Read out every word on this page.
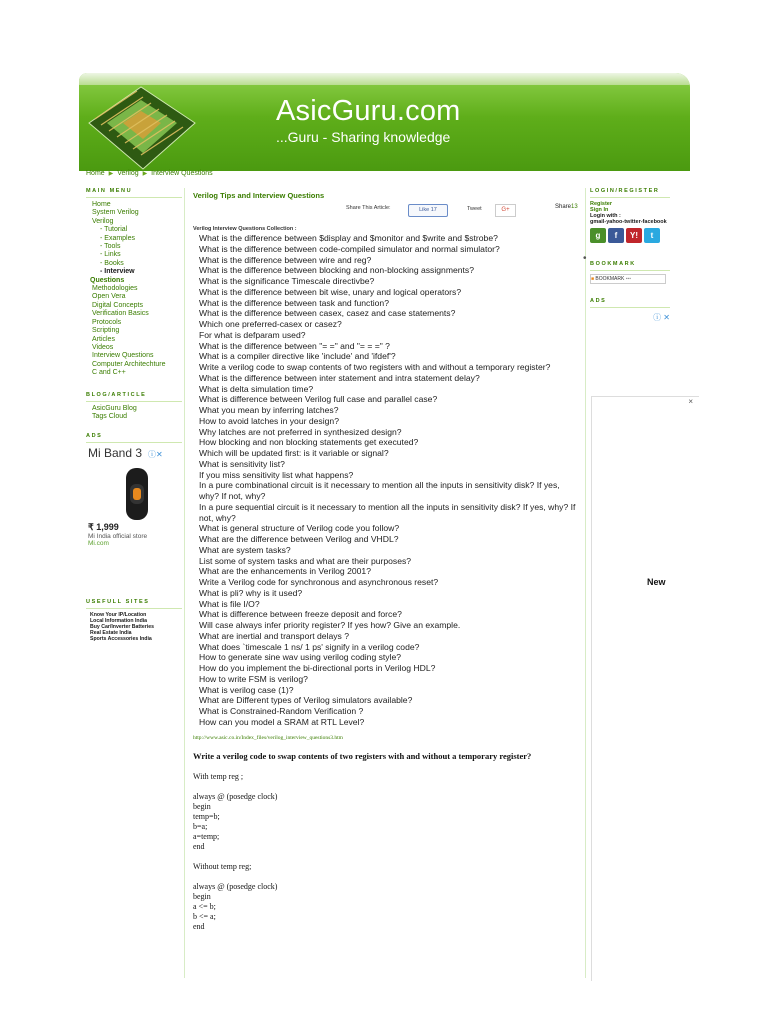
AsicGuru.com
...Guru - Sharing knowledge
Home ▶ Verilog ▶ Interview Questions
MAIN MENU
Home
System Verilog
Verilog
- Tutorial
- Examples
- Tools
- Links
- Books
- Interview
Questions
Methodologies
Open Vera
Digital Concepts
Verification Basics
Protocols
Scripting
Articles
Videos
Interview Questions
Computer Architechture
C and C++
BLOG/ARTICLE
AsicGuru Blog
Tags Cloud
ADS
Mi Band 3 ⓘ✕
₹ 1,999
Mi India official store
Mi.com
USEFULL SITES
Know Your IP/Location
Local Information India
Buy Car/Inverter Batteries
Real Estate India
Sports Accessories India
Verilog Tips and Interview Questions
Share This Article:	Like 17	Tweet	G+	Share13
Verilog Interview Questions Collection :
What is the difference between $display and $monitor and $write and $strobe?
What is the difference between code-compiled simulator and normal simulator?
What is the difference between wire and reg?
What is the difference between blocking and non-blocking assignments?
What is the significance Timescale directivbe?
What is the difference between bit wise, unary and logical operators?
What is the difference between task and function?
What is the difference between casex, casez and case statements?
Which one preferred-casex or casez?
For what is defparam used?
What is the difference between "= =" and "= = =" ?
What is a compiler directive like 'include' and 'ifdef'?
Write a verilog code to swap contents of two registers with and without a temporary register?
What is the difference between inter statement and intra statement delay?
What is delta simulation time?
What is difference between Verilog full case and parallel case?
What you mean by inferring latches?
How to avoid latches in your design?
Why latches are not preferred in synthesized design?
How blocking and non blocking statements get executed?
Which will be updated first: is it variable or signal?
What is sensitivity list?
If you miss sensitivity list what happens?
In a pure combinational circuit is it necessary to mention all the inputs in sensitivity disk? If yes, why? If not, why?
In a pure sequential circuit is it necessary to mention all the inputs in sensitivity disk? If yes, why? If not, why?
What is general structure of Verilog code you follow?
What are the difference between Verilog and VHDL?
What are system tasks?
List some of system tasks and what are their purposes?
What are the enhancements in Verilog 2001?
Write a Verilog code for synchronous and asynchronous reset?
What is pli? why is it used?
What is file I/O?
What is difference between freeze deposit and force?
Will case always infer priority register? If yes how? Give an example.
What are inertial and transport delays ?
What does `timescale 1 ns/ 1 ps' signify in a verilog code?
How to generate sine wav using verilog coding style?
How do you implement the bi-directional ports in Verilog HDL?
How to write FSM is verilog?
What is verilog case (1)?
What are Different types of Verilog simulators available?
What is Constrained-Random Verification ?
How can you model a SRAM at RTL Level?
http://www.asic.co.in/Index_files/verilog_interview_questions3.htm
Write a verilog code to swap contents of two registers with and without a temporary register?

With temp reg ;

always @ (posedge clock)
begin
temp=b;
b=a;
a=temp;
end

Without temp reg;

always @ (posedge clock)
begin
a <= b;
b <= a;
end
•
LOGIN/REGISTER
Register
Sign In
Login with :
gmail-yahoo-twitter-facebook
g	f	Y!	t
BOOKMARK
■ BOOKMARK ▪▪▪
ADS
ⓘ ✕
×
New
